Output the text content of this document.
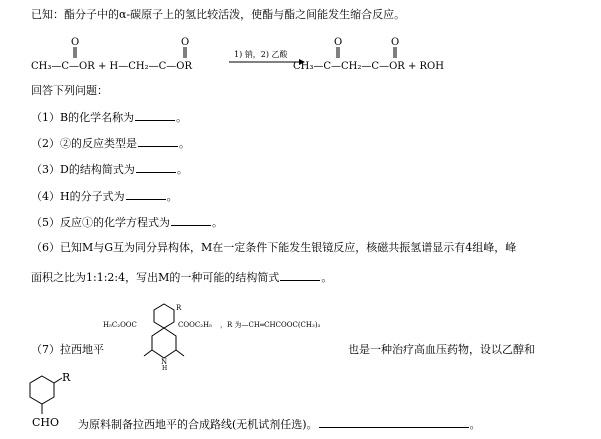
已知：酯分子中的α-碳原子上的氢比较活泼，使酯与酯之间能发生缩合反应。
O	O
CH₃—C—OR + H—CH₂—C—OR
1) 钠，2) 乙酸
O	O
CH₃—C—CH₂—C—OR + ROH
回答下列问题：
（1）B的化学名称为	。
（2）②的反应类型是	。
（3）D的结构简式为	。
（4）H的分子式为	。
（5）反应①的化学方程式为	。
（6）已知M与G互为同分异构体，M在一定条件下能发生银镜反应，核磁共振氢谱显示有4组峰，峰
面积之比为1:1:2:4，写出M的一种可能的结构简式	。
（7）拉西地平
R
H₅C₂OOC	COOC₂H₅
N
H
，R 为—CH═CHCOOC(CH₃)₃
也是一种治疗高血压药物，设以乙醇和
R
CHO 为原料制备拉西地平的合成路线(无机试剂任选)。	。
